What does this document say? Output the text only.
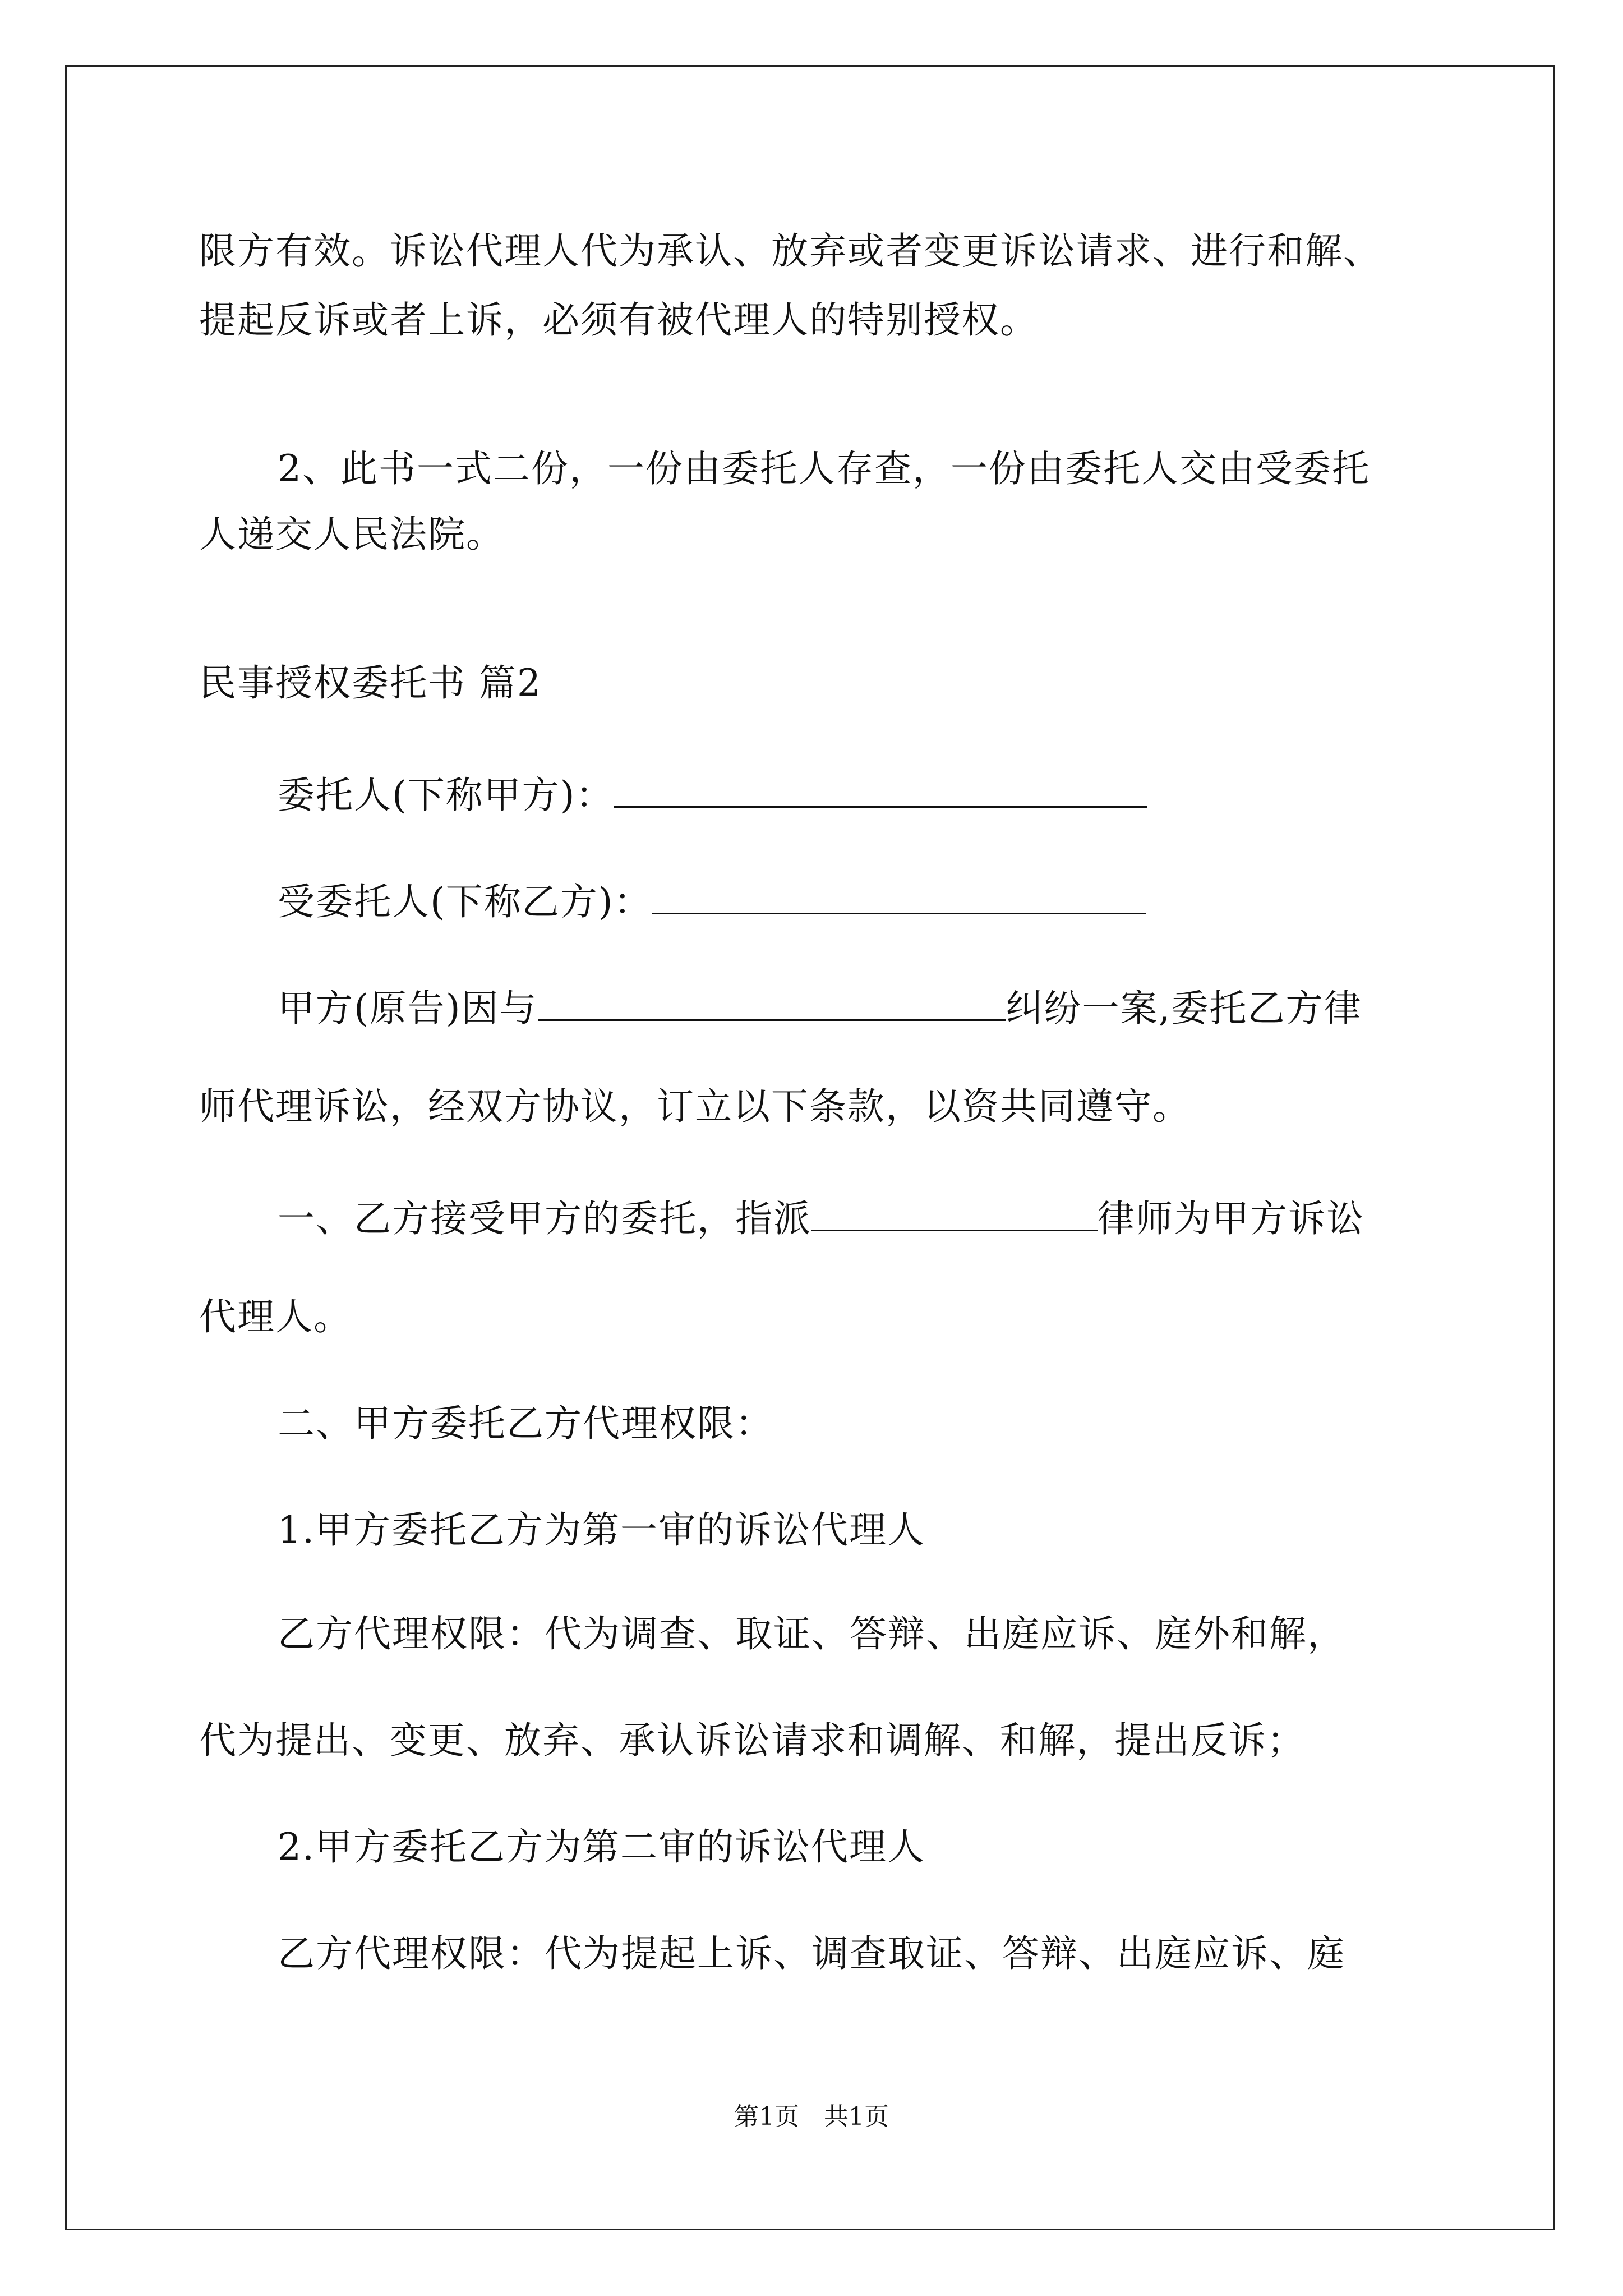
限方有效。诉讼代理人代为承认、放弃或者变更诉讼请求、进行和解、
提起反诉或者上诉，必须有被代理人的特别授权。
2、此书一式二份，一份由委托人存查，一份由委托人交由受委托
人递交人民法院。
民事授权委托书 篇2
委托人(下称甲方)：
受委托人(下称乙方)：
甲方(原告)因与	纠纷一案,委托乙方律
师代理诉讼，经双方协议，订立以下条款，以资共同遵守。
一、乙方接受甲方的委托，指派	律师为甲方诉讼
代理人。
二、甲方委托乙方代理权限：
1.甲方委托乙方为第一审的诉讼代理人
乙方代理权限：代为调查、取证、答辩、出庭应诉、庭外和解，
代为提出、变更、放弃、承认诉讼请求和调解、和解，提出反诉；
2.甲方委托乙方为第二审的诉讼代理人
乙方代理权限：代为提起上诉、调查取证、答辩、出庭应诉、庭
第1页　共1页
